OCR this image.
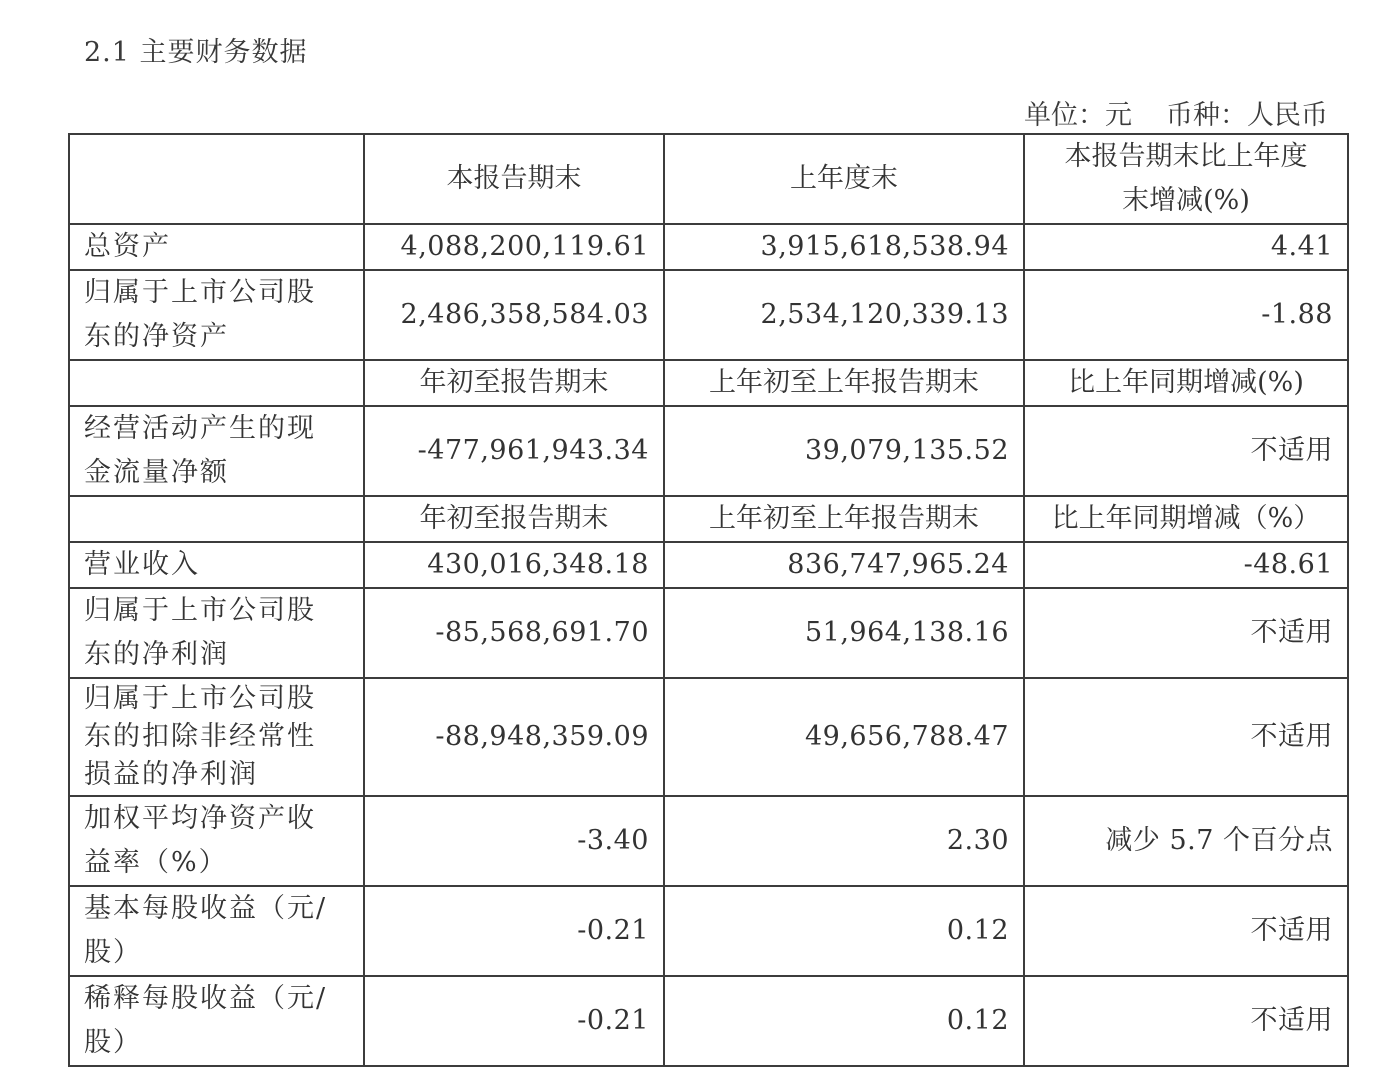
2.1 主要财务数据
单位：元 币种：人民币
	本报告期末	上年度末	本报告期末比上年度
末增减(%)
总资产	4,088,200,119.61	3,915,618,538.94	4.41
归属于上市公司股
东的净资产	2,486,358,584.03	2,534,120,339.13	-1.88
	年初至报告期末	上年初至上年报告期末	比上年同期增减(%)
经营活动产生的现
金流量净额	-477,961,943.34	39,079,135.52	不适用
	年初至报告期末	上年初至上年报告期末	比上年同期增减（%）
营业收入	430,016,348.18	836,747,965.24	-48.61
归属于上市公司股
东的净利润	-85,568,691.70	51,964,138.16	不适用
归属于上市公司股
东的扣除非经常性
损益的净利润	-88,948,359.09	49,656,788.47	不适用
加权平均净资产收
益率（%）	-3.40	2.30	减少 5.7 个百分点
基本每股收益（元/
股）	-0.21	0.12	不适用
稀释每股收益（元/
股）	-0.21	0.12	不适用
